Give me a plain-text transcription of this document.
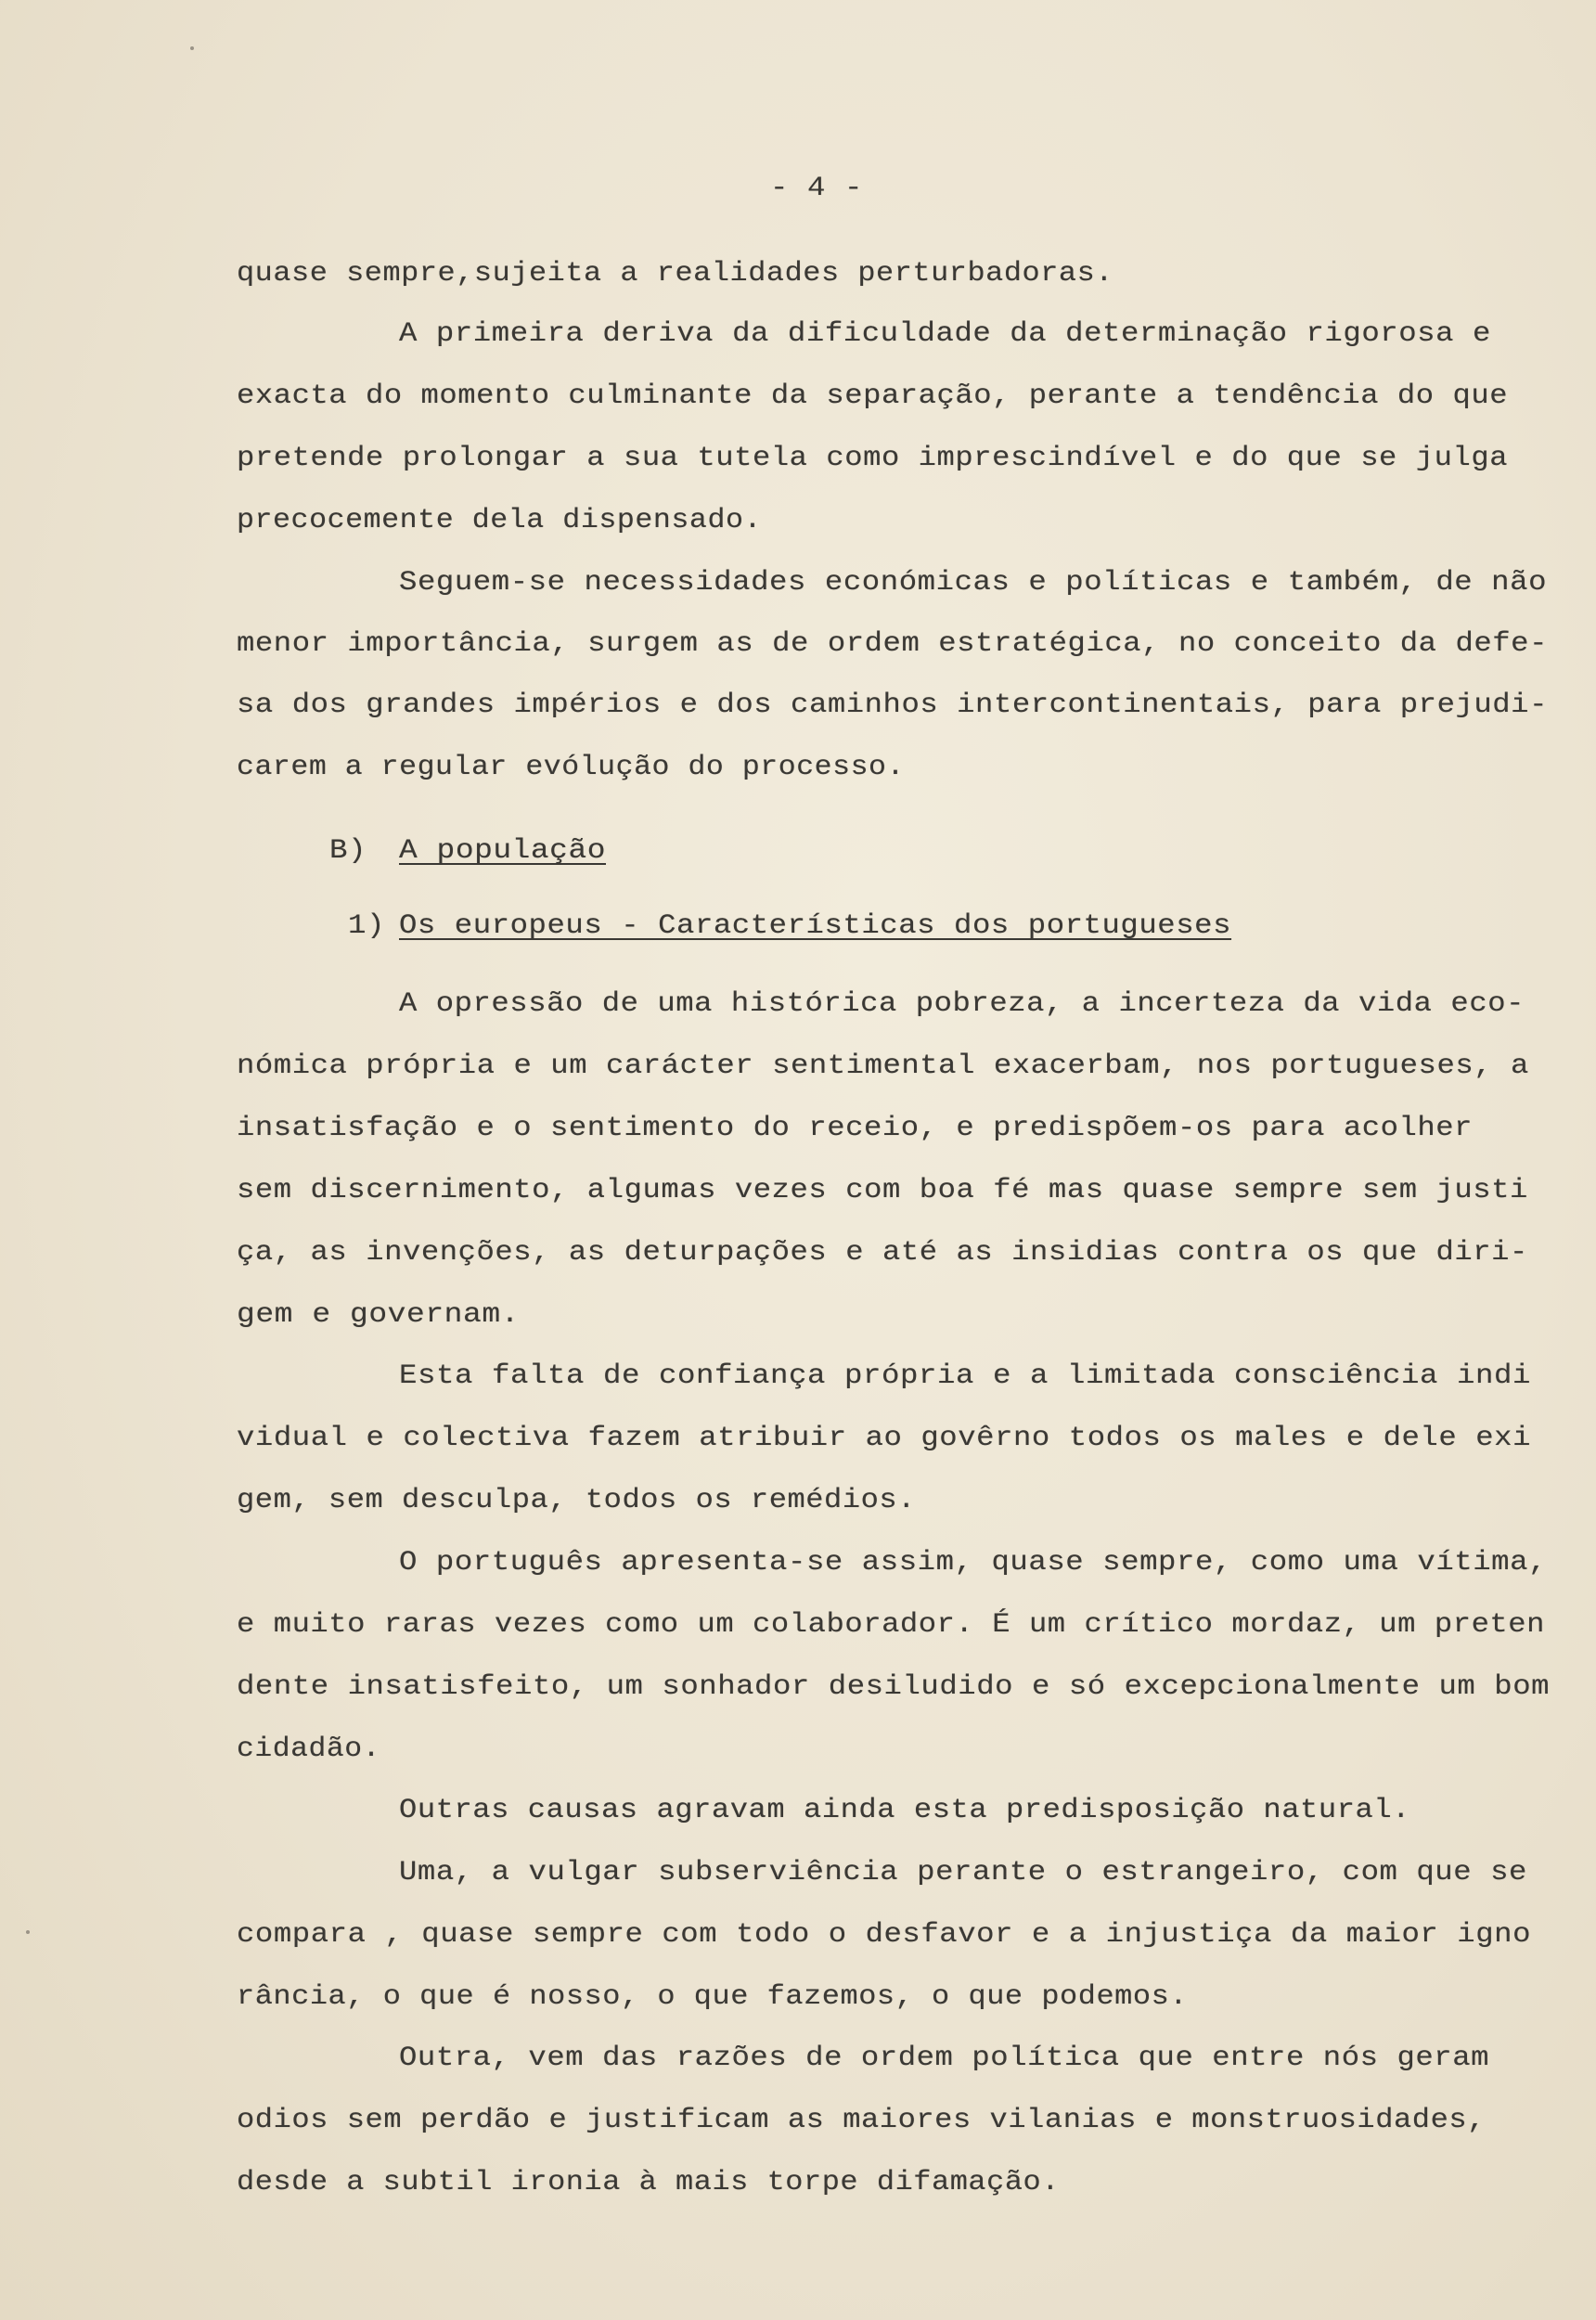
- 4 -
quase sempre,sujeita a realidades perturbadoras.
A primeira deriva da dificuldade da determinação rigorosa e
exacta do momento culminante da separação, perante a tendência do que
pretende prolongar a sua tutela como imprescindível e do que se julga
precocemente dela dispensado.
Seguem-se necessidades económicas e políticas e também, de não
menor importância, surgem as de ordem estratégica, no conceito da defe-
sa dos grandes impérios e dos caminhos intercontinentais, para prejudi-
carem a regular evólução do processo.
B) A população
1) Os europeus - Características dos portugueses
A opressão de uma histórica pobreza, a incerteza da vida eco-
nómica própria e um carácter sentimental exacerbam, nos portugueses, a
insatisfação e o sentimento do receio, e predispõem-os para acolher
sem discernimento, algumas vezes com boa fé mas quase sempre sem justi
ça, as invenções, as deturpações e até as insidias contra os que diri-
gem e governam.
Esta falta de confiança própria e a limitada consciência indi
vidual e colectiva fazem atribuir ao govêrno todos os males e dele exi
gem, sem desculpa, todos os remédios.
O português apresenta-se assim, quase sempre, como uma vítima,
e muito raras vezes como um colaborador. É um crítico mordaz, um preten
dente insatisfeito, um sonhador desiludido e só excepcionalmente um bom
cidadão.
Outras causas agravam ainda esta predisposição natural.
Uma, a vulgar subserviência perante o estrangeiro, com que se
compara , quase sempre com todo o desfavor e a injustiça da maior igno
rância, o que é nosso, o que fazemos, o que podemos.
Outra, vem das razões de ordem política que entre nós geram
odios sem perdão e justificam as maiores vilanias e monstruosidades,
desde a subtil ironia à mais torpe difamação.
